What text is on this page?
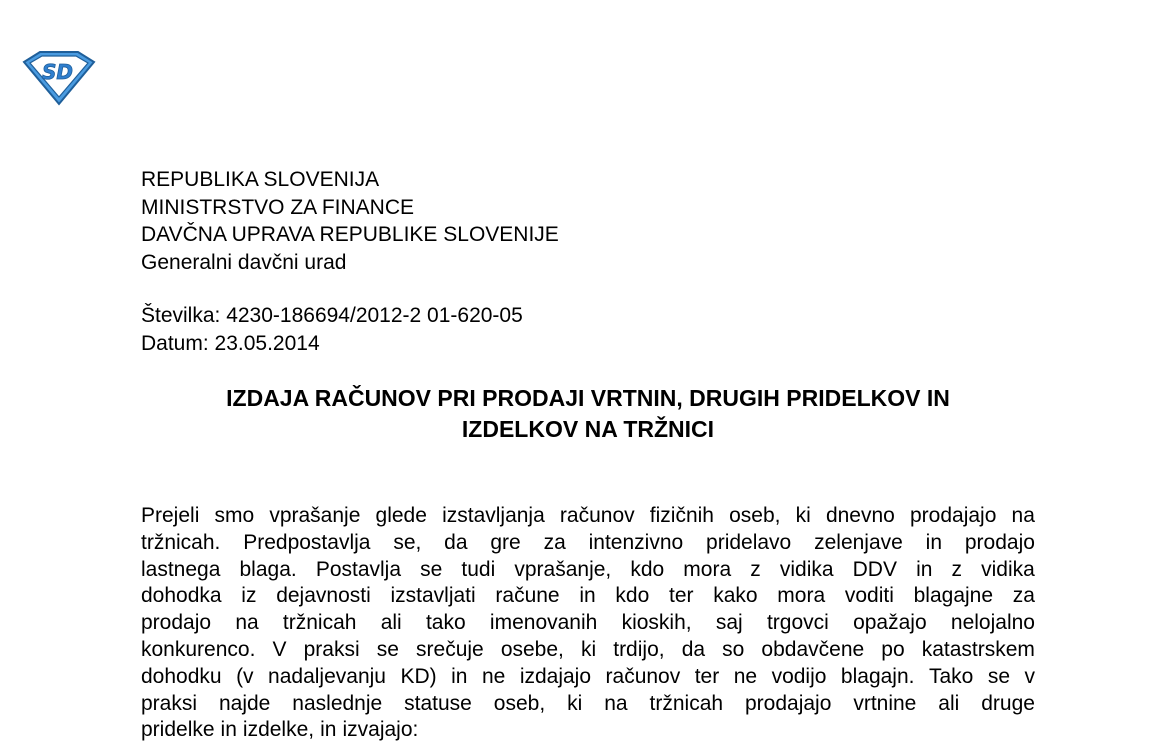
SD
REPUBLIKA SLOVENIJA
MINISTRSTVO ZA FINANCE
DAVČNA UPRAVA REPUBLIKE SLOVENIJE
Generalni davčni urad
Številka: 4230-186694/2012-2 01-620-05
Datum: 23.05.2014
IZDAJA RAČUNOV PRI PRODAJI VRTNIN, DRUGIH PRIDELKOV IN
IZDELKOV NA TRŽNICI
Prejeli smo vprašanje glede izstavljanja računov fizičnih oseb, ki dnevno prodajajo na
tržnicah. Predpostavlja se, da gre za intenzivno pridelavo zelenjave in prodajo
lastnega blaga. Postavlja se tudi vprašanje, kdo mora z vidika DDV in z vidika
dohodka iz dejavnosti izstavljati račune in kdo ter kako mora voditi blagajne za
prodajo na tržnicah ali tako imenovanih kioskih, saj trgovci opažajo nelojalno
konkurenco. V praksi se srečuje osebe, ki trdijo, da so obdavčene po katastrskem
dohodku (v nadaljevanju KD) in ne izdajajo računov ter ne vodijo blagajn. Tako se v
praksi najde naslednje statuse oseb, ki na tržnicah prodajajo vrtnine ali druge
pridelke in izdelke, in izvajajo:
